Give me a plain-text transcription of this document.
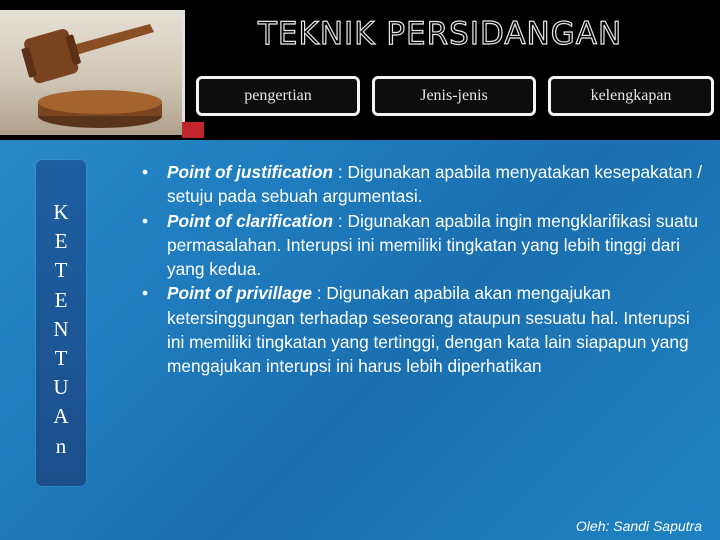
TEKNIK PERSIDANGAN
pengertian	Jenis-jenis	kelengkapan
K
E
T
E
N
T
U
A
n
• Point of justification : Digunakan apabila menyatakan kesepakatan / setuju pada sebuah argumentasi.
• Point of clarification : Digunakan apabila ingin mengklarifikasi suatu permasalahan. Interupsi ini memiliki tingkatan yang lebih tinggi dari yang kedua.
• Point of privillage : Digunakan apabila akan mengajukan ketersinggungan terhadap seseorang ataupun sesuatu hal. Interupsi ini memiliki tingkatan yang tertinggi, dengan kata lain siapapun yang mengajukan interupsi ini harus lebih diperhatikan
Oleh: Sandi Saputra
